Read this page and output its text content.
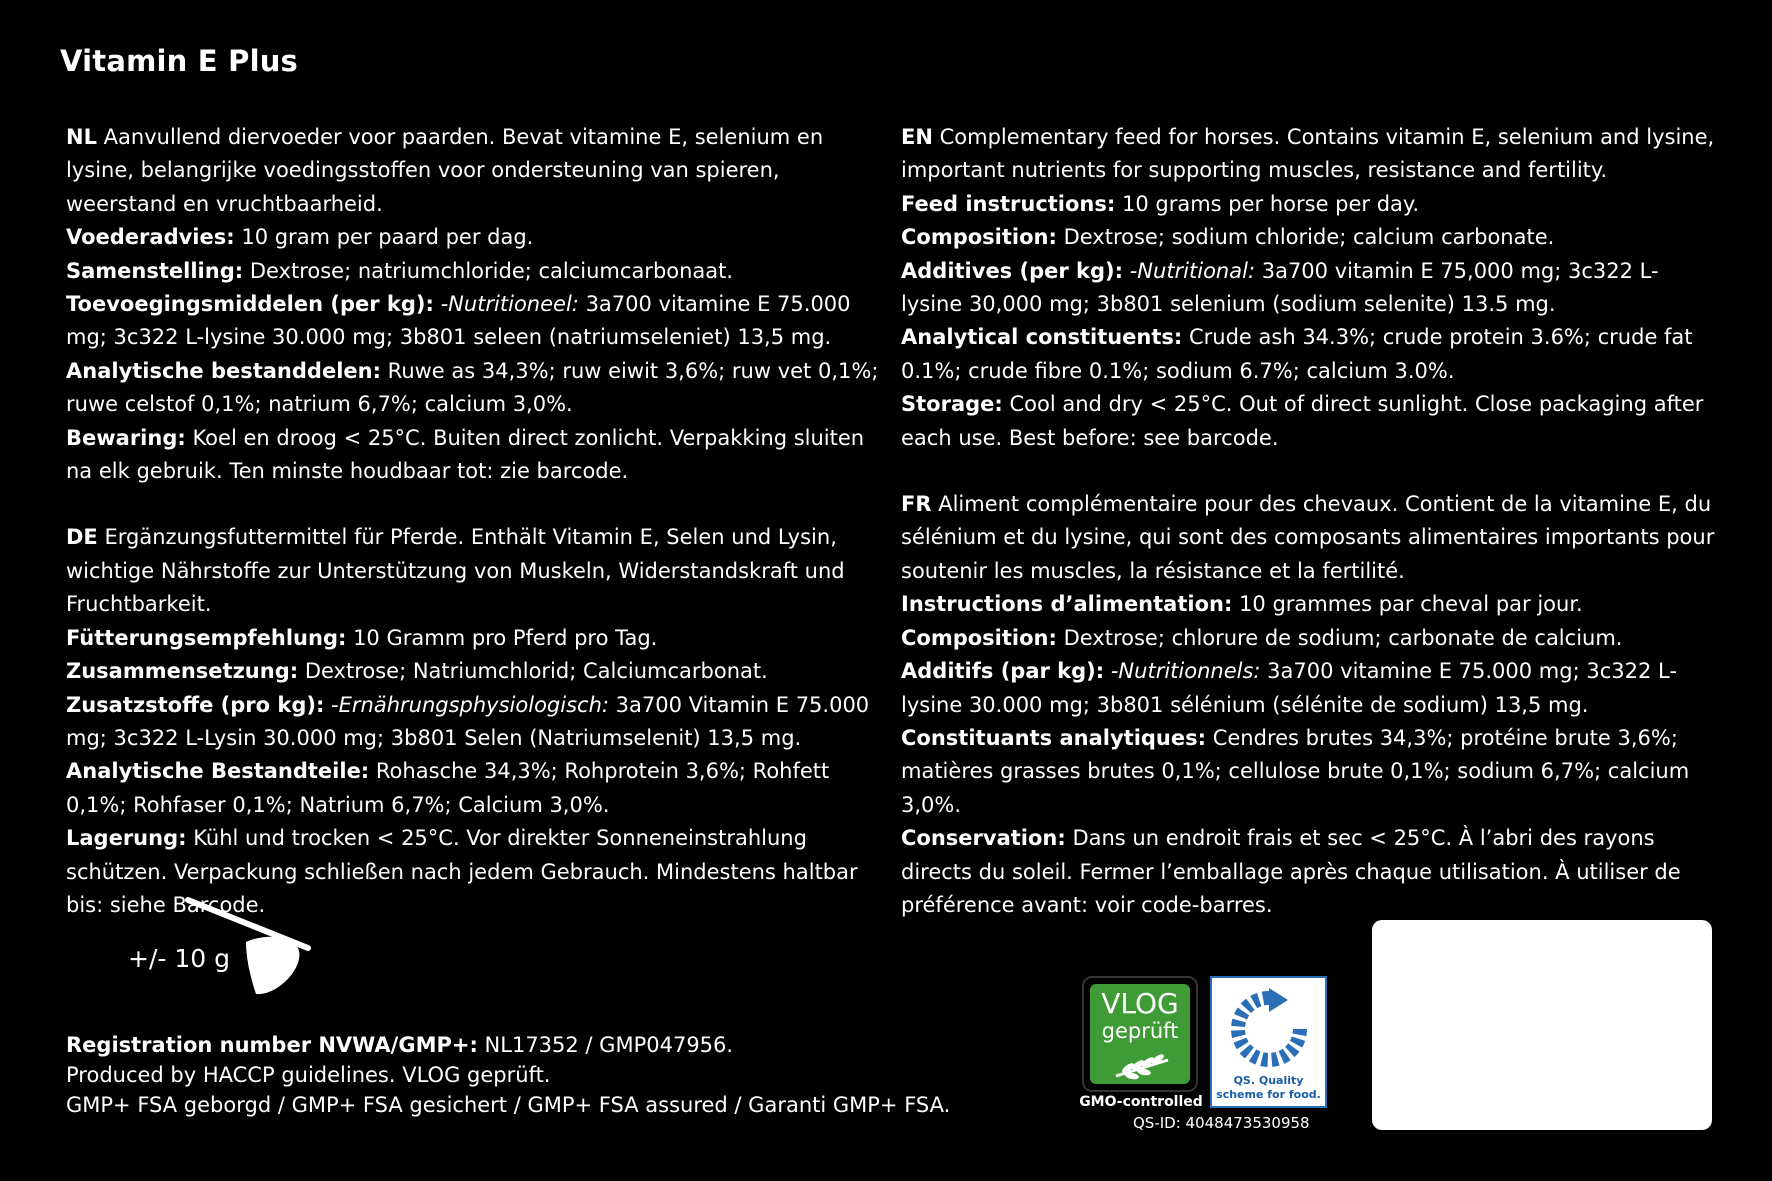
Vitamin E Plus

NL Aanvullend diervoeder voor paarden. Bevat vitamine E, selenium en lysine, belangrijke voedingsstoffen voor ondersteuning van spieren, weerstand en vruchtbaarheid.

Voederadvies: 10 gram per paard per dag.

Samenstelling: Dextrose; natriumchloride; calciumcarbonaat.

Toevoegingsmiddelen (per kg): -Nutritioneel: 3a700 vitamine E 75.000 mg; 3c322 L-lysine 30.000 mg; 3b801 seleen (natriumseleniet) 13,5 mg.

Analytische bestanddelen: Ruwe as 34,3%; ruw eiwit 3,6%; ruw vet 0,1%; ruwe celstof 0,1%; natrium 6,7%; calcium 3,0%.

Bewaring: Koel en droog < 25°C. Buiten direct zonlicht. Verpakking sluiten na elk gebruik. Ten minste houdbaar tot: zie barcode.

DE Ergänzungsfuttermittel für Pferde. Enthält Vitamin E, Selen und Lysin, wichtige Nährstoffe zur Unterstützung von Muskeln, Widerstandskraft und Fruchtbarkeit.

Fütterungsempfehlung: 10 Gramm pro Pferd pro Tag.

Zusammensetzung: Dextrose; Natriumchlorid; Calciumcarbonat.

Zusatzstoffe (pro kg): -Ernährungsphysiologisch: 3a700 Vitamin E 75.000 mg; 3c322 L-Lysin 30.000 mg; 3b801 Selen (Natriumselenit) 13,5 mg.

Analytische Bestandteile: Rohasche 34,3%; Rohprotein 3,6%; Rohfett 0,1%; Rohfaser 0,1%; Natrium 6,7%; Calcium 3,0%.

Lagerung: Kühl und trocken < 25°C. Vor direkter Sonneneinstrahlung schützen. Verpackung schließen nach jedem Gebrauch. Mindestens haltbar bis: siehe Barcode.

EN Complementary feed for horses. Contains vitamin E, selenium and lysine, important nutrients for supporting muscles, resistance and fertility.

Feed instructions: 10 grams per horse per day.

Composition: Dextrose; sodium chloride; calcium carbonate.

Additives (per kg): -Nutritional: 3a700 vitamin E 75,000 mg; 3c322 L-lysine 30,000 mg; 3b801 selenium (sodium selenite) 13.5 mg.

Analytical constituents: Crude ash 34.3%; crude protein 3.6%; crude fat 0.1%; crude fibre 0.1%; sodium 6.7%; calcium 3.0%.

Storage: Cool and dry < 25°C. Out of direct sunlight. Close packaging after each use. Best before: see barcode.

FR Aliment complémentaire pour des chevaux. Contient de la vitamine E, du sélénium et du lysine, qui sont des composants alimentaires importants pour soutenir les muscles, la résistance et la fertilité.

Instructions d’alimentation: 10 grammes par cheval par jour.

Composition: Dextrose; chlorure de sodium; carbonate de calcium.

Additifs (par kg): -Nutritionnels: 3a700 vitamine E 75.000 mg; 3c322 L-lysine 30.000 mg; 3b801 sélénium (sélénite de sodium) 13,5 mg.

Constituants analytiques: Cendres brutes 34,3%; protéine brute 3,6%; matières grasses brutes 0,1%; cellulose brute 0,1%; sodium 6,7%; calcium 3,0%.

Conservation: Dans un endroit frais et sec < 25°C. À l’abri des rayons directs du soleil. Fermer l’emballage après chaque utilisation. À utiliser de préférence avant: voir code-barres.

+/- 10 g

Registration number NVWA/GMP+: NL17352 / GMP047956.

Produced by HACCP guidelines. VLOG geprüft.

GMP+ FSA geborgd / GMP+ FSA gesichert / GMP+ FSA assured / Garanti GMP+ FSA.

VLOG
geprüft
GMO-controlled
QS. Quality
scheme for food.
QS-ID: 4048473530958
